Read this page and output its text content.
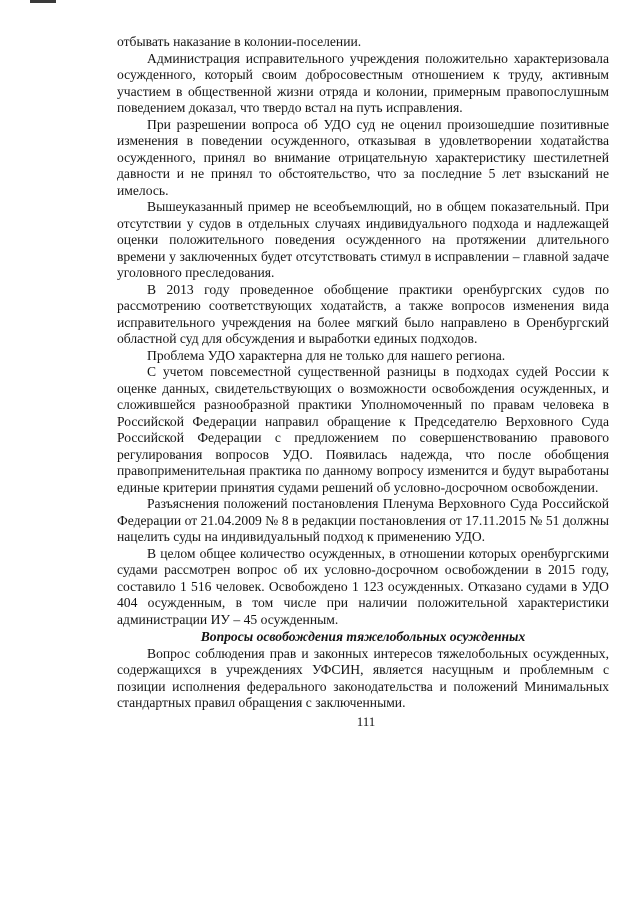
отбывать наказание в колонии-поселении.

Администрация исправительного учреждения положительно характеризовала осужденного, который своим добросовестным отношением к труду, активным участием в общественной жизни отряда и колонии, примерным правопослушным поведением доказал, что твердо встал на путь исправления.

При разрешении вопроса об УДО суд не оценил произошедшие позитивные изменения в поведении осужденного, отказывая в удовлетворении ходатайства осужденного, принял во внимание отрицательную характеристику шестилетней давности и не принял то обстоятельство, что за последние 5 лет взысканий не имелось.

Вышеуказанный пример не всеобъемлющий, но в общем показательный. При отсутствии у судов в отдельных случаях индивидуального подхода и надлежащей оценки положительного поведения осужденного на протяжении длительного времени у заключенных будет отсутствовать стимул в исправлении – главной задаче уголовного преследования.

В 2013 году проведенное обобщение практики оренбургских судов по рассмотрению соответствующих ходатайств, а также вопросов изменения вида исправительного учреждения на более мягкий было направлено в Оренбургский областной суд для обсуждения и выработки единых подходов.

Проблема УДО характерна для не только для нашего региона.

С учетом повсеместной существенной разницы в подходах судей России к оценке данных, свидетельствующих о возможности освобождения осужденных, и сложившейся разнообразной практики Уполномоченный по правам человека в Российской Федерации направил обращение к Председателю Верховного Суда Российской Федерации с предложением по совершенствованию правового регулирования вопросов УДО. Появилась надежда, что после обобщения правоприменительная практика по данному вопросу изменится и будут выработаны единые критерии принятия судами решений об условно-досрочном освобождении.

Разъяснения положений постановления Пленума Верховного Суда Российской Федерации от 21.04.2009 № 8 в редакции постановления от 17.11.2015 № 51 должны нацелить суды на индивидуальный подход к применению УДО.

В целом общее количество осужденных, в отношении которых оренбургскими судами рассмотрен вопрос об их условно-досрочном освобождении в 2015 году, составило 1 516 человек. Освобождено 1 123 осужденных. Отказано судами в УДО 404 осужденным, в том числе при наличии положительной характеристики администрации ИУ – 45 осужденным.

Вопросы освобождения тяжелобольных осужденных

Вопрос соблюдения прав и законных интересов тяжелобольных осужденных, содержащихся в учреждениях УФСИН, является насущным и проблемным с позиции исполнения федерального законодательства и положений Минимальных стандартных правил обращения с заключенными.

111
